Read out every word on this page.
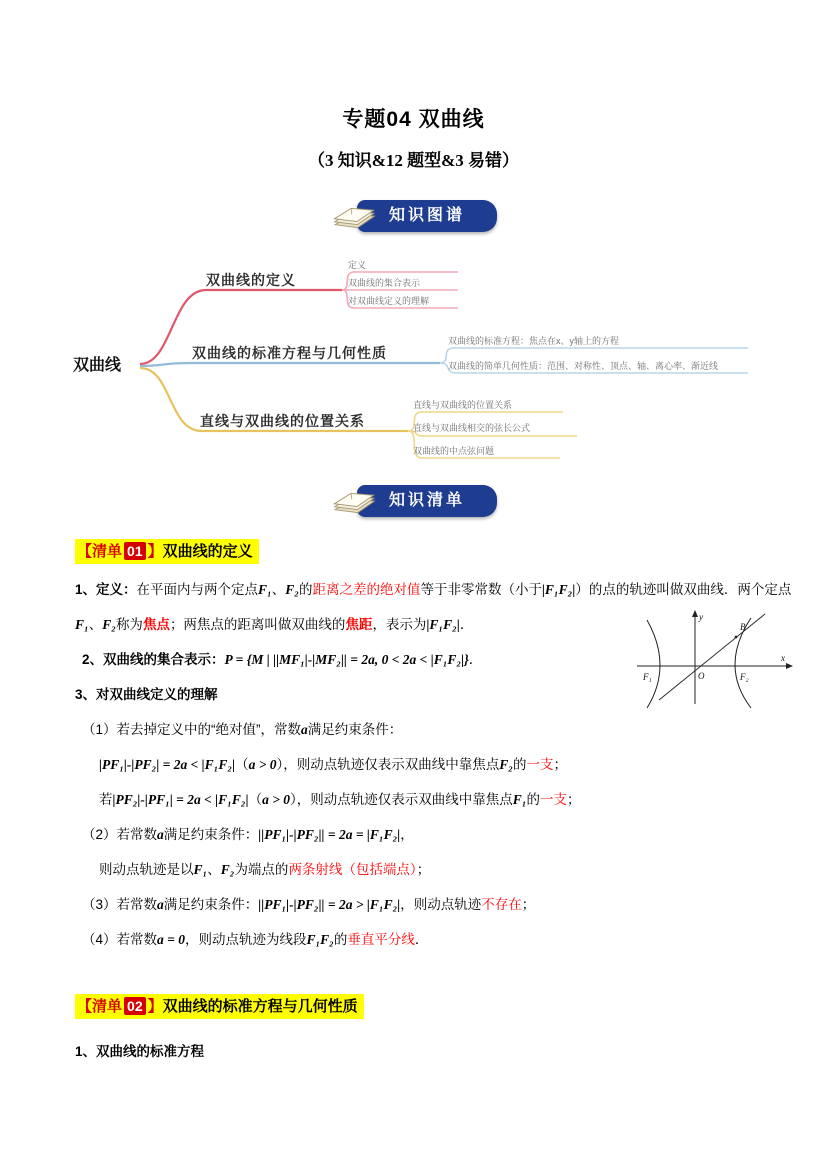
专题04 双曲线
（3 知识&12 题型&3 易错）
知识图谱
双曲线
双曲线的定义
定义
双曲线的集合表示
对双曲线定义的理解
双曲线的标准方程与几何性质
双曲线的标准方程：焦点在x、y轴上的方程
双曲线的简单几何性质：范围、对称性、顶点、轴、离心率、渐近线
直线与双曲线的位置关系
直线与双曲线的位置关系
直线与双曲线相交的弦长公式
双曲线的中点弦问题
知识清单
【清单 01 】双曲线的定义

1、定义：在平面内与两个定点F₁、F₂的距离之差的绝对值等于非零常数（小于|F₁F₂|）的点的轨迹叫做双曲线．两个定点F₁、F₂称为焦点；两焦点的距离叫做双曲线的焦距，表示为|F₁F₂|．

2、双曲线的集合表示：P = {M | ||MF₁|-|MF₂|| = 2a, 0 < 2a < |F₁F₂|}．

3、对双曲线定义的理解

（1）若去掉定义中的“绝对值”，常数a满足约束条件：

|PF₁|-|PF₂| = 2a < |F₁F₂|（a > 0），则动点轨迹仅表示双曲线中靠焦点F₂的一支；

若|PF₂|-|PF₁| = 2a < |F₁F₂|（a > 0），则动点轨迹仅表示双曲线中靠焦点F₁的一支；

（2）若常数a满足约束条件：||PF₁|-|PF₂|| = 2a = |F₁F₂|，

则动点轨迹是以F₁、F₂为端点的两条射线（包括端点）；

（3）若常数a满足约束条件：||PF₁|-|PF₂|| = 2a > |F₁F₂|，则动点轨迹不存在；

（4）若常数a = 0，则动点轨迹为线段F₁F₂的垂直平分线．

y
x
O
F₁	F₂
B
【清单 02 】双曲线的标准方程与几何性质
1、双曲线的标准方程
